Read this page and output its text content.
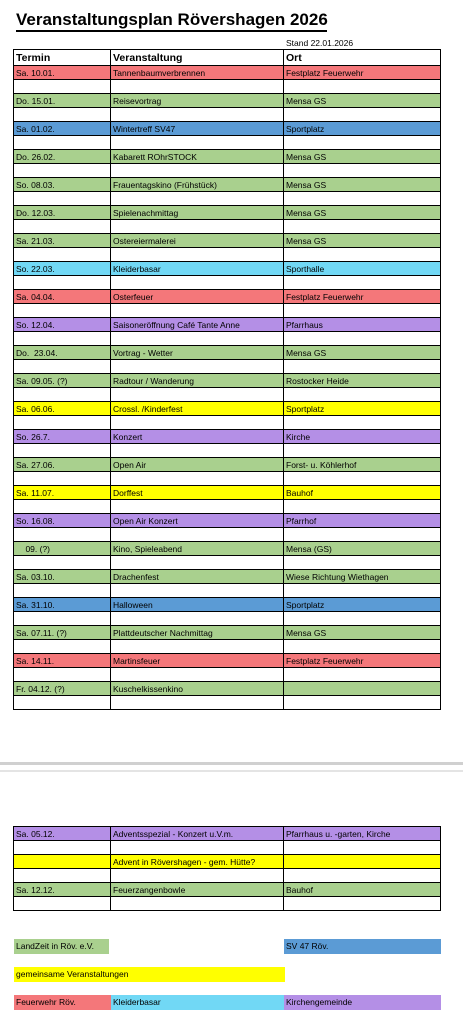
Veranstaltungsplan Rövershagen 2026
Stand 22.01.2026
Termin	Veranstaltung	Ort
Sa. 10.01.	Tannenbaumverbrennen	Festplatz Feuerwehr

Do. 15.01.	Reisevortrag	Mensa GS

Sa. 01.02.	Wintertreff SV47	Sportplatz

Do. 26.02.	Kabarett ROhrSTOCK	Mensa GS

So. 08.03.	Frauentagskino (Frühstück)	Mensa GS

Do. 12.03.	Spielenachmittag	Mensa GS

Sa. 21.03.	Ostereiermalerei	Mensa GS

So. 22.03.	Kleiderbasar	Sporthalle

Sa. 04.04.	Osterfeuer	Festplatz Feuerwehr

So. 12.04.	Saisoneröffnung Café Tante Anne	Pfarrhaus

Do.  23.04.	Vortrag - Wetter	Mensa GS

Sa. 09.05. (?)	Radtour / Wanderung	Rostocker Heide

Sa. 06.06.	Crossl. /Kinderfest	Sportplatz

So. 26.7.	Konzert	Kirche

Sa. 27.06.	Open Air	Forst- u. Köhlerhof

Sa. 11.07.	Dorffest	Bauhof

So. 16.08.	Open Air Konzert	Pfarrhof

09. (?)	Kino, Spieleabend	Mensa (GS)

Sa. 03.10.	Drachenfest	Wiese Richtung Wiethagen

Sa. 31.10.	Halloween	Sportplatz

Sa. 07.11. (?)	Plattdeutscher Nachmittag	Mensa GS

Sa. 14.11.	Martinsfeuer	Festplatz Feuerwehr

Fr. 04.12. (?)	Kuschelkissenkino	

Sa. 05.12.	Adventsspezial - Konzert u.V.m.	Pfarrhaus u. -garten, Kirche

	Advent in Rövershagen - gem. Hütte?	

Sa. 12.12.	Feuerzangenbowle	Bauhof

LandZeit in Röv. e.V.	SV 47 Röv.
gemeinsame Veranstaltungen
Feuerwehr Röv.	Kleiderbasar	Kirchengemeinde
